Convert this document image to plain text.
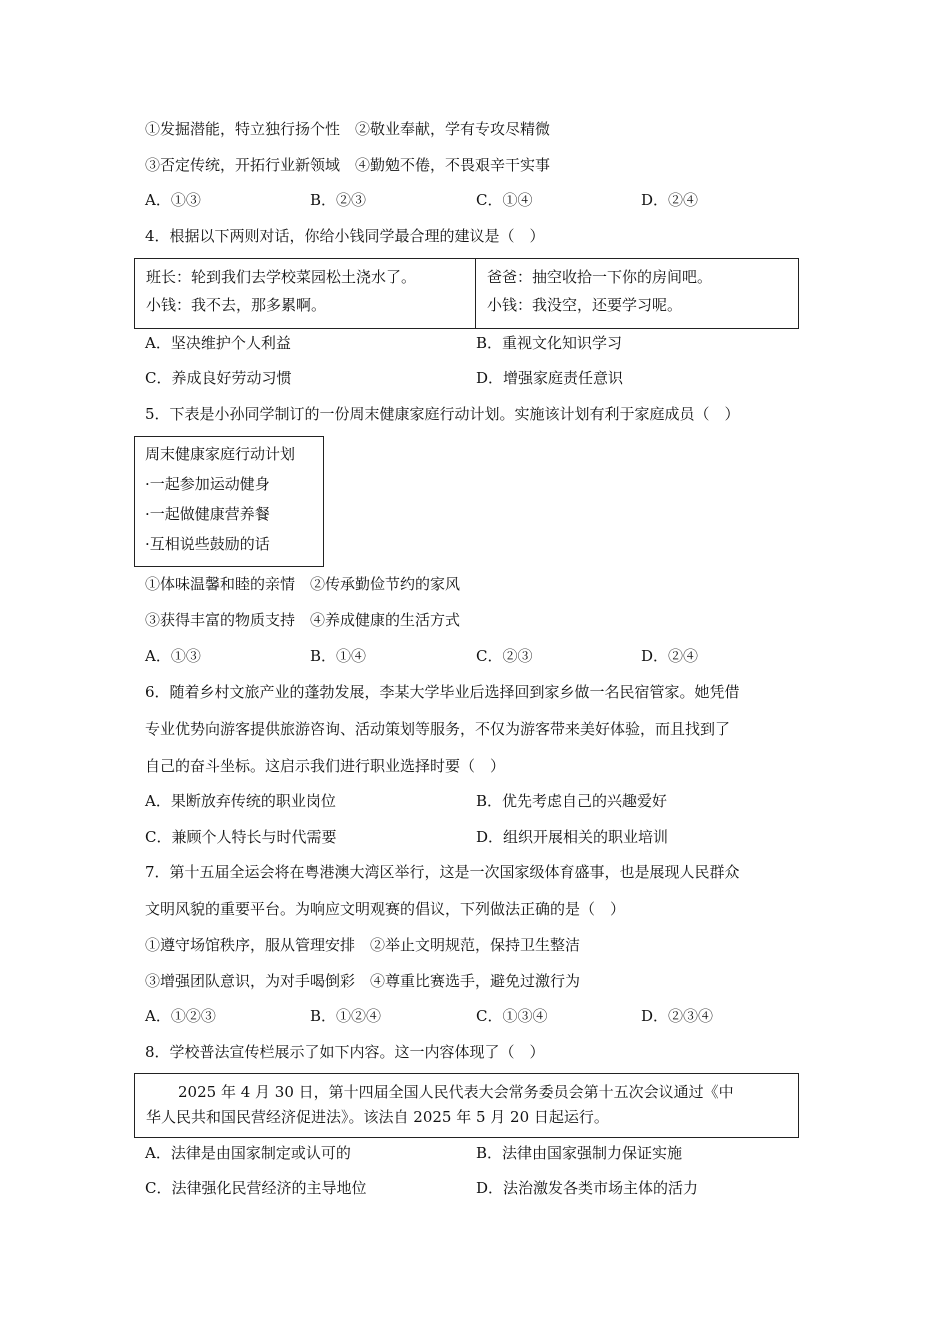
①发掘潜能，特立独行扬个性　②敬业奉献，学有专攻尽精微
③否定传统，开拓行业新领域　④勤勉不倦，不畏艰辛干实事
A．①③	B．②③	C．①④	D．②④
4．根据以下两则对话，你给小钱同学最合理的建议是（　）
班长：轮到我们去学校菜园松土浇水了。
小钱：我不去，那多累啊。
爸爸：抽空收拾一下你的房间吧。
小钱：我没空，还要学习呢。
A．坚决维护个人利益	B．重视文化知识学习
C．养成良好劳动习惯	D．增强家庭责任意识
5．下表是小孙同学制订的一份周末健康家庭行动计划。实施该计划有利于家庭成员（　）
周末健康家庭行动计划
·一起参加运动健身
·一起做健康营养餐
·互相说些鼓励的话
①体味温馨和睦的亲情　②传承勤俭节约的家风
③获得丰富的物质支持　④养成健康的生活方式
A．①③	B．①④	C．②③	D．②④
6．随着乡村文旅产业的蓬勃发展，李某大学毕业后选择回到家乡做一名民宿管家。她凭借
专业优势向游客提供旅游咨询、活动策划等服务，不仅为游客带来美好体验，而且找到了
自己的奋斗坐标。这启示我们进行职业选择时要（　）
A．果断放弃传统的职业岗位	B．优先考虑自己的兴趣爱好
C．兼顾个人特长与时代需要	D．组织开展相关的职业培训
7．第十五届全运会将在粤港澳大湾区举行，这是一次国家级体育盛事，也是展现人民群众
文明风貌的重要平台。为响应文明观赛的倡议，下列做法正确的是（　）
①遵守场馆秩序，服从管理安排　②举止文明规范，保持卫生整洁
③增强团队意识，为对手喝倒彩　④尊重比赛选手，避免过激行为
A．①②③	B．①②④	C．①③④	D．②③④
8．学校普法宣传栏展示了如下内容。这一内容体现了（　）
2025 年 4 月 30 日，第十四届全国人民代表大会常务委员会第十五次会议通过《中
华人民共和国民营经济促进法》。该法自 2025 年 5 月 20 日起运行。
A．法律是由国家制定或认可的	B．法律由国家强制力保证实施
C．法律强化民营经济的主导地位	D．法治激发各类市场主体的活力
